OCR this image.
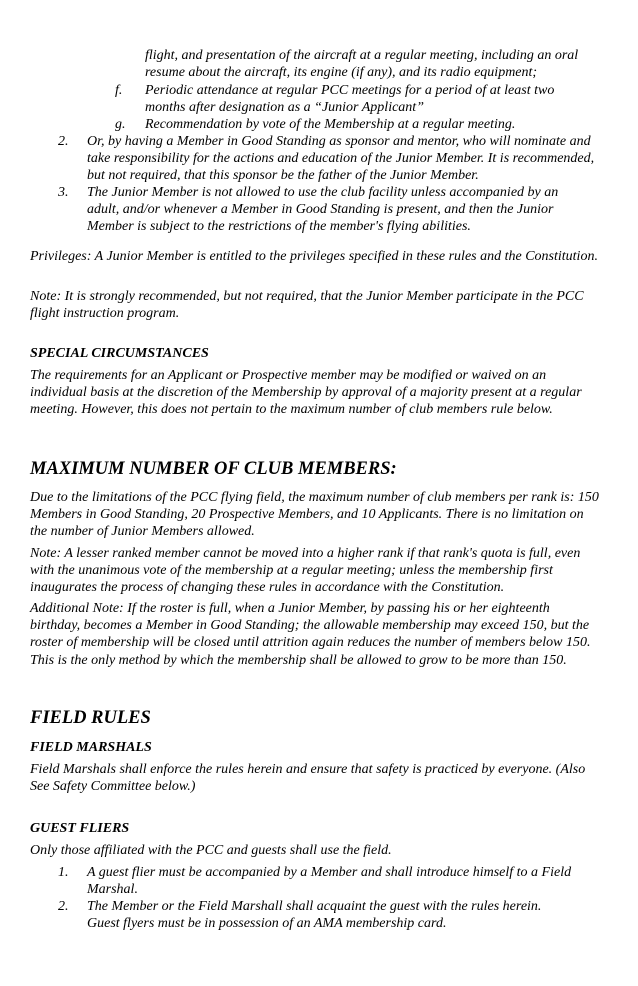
flight, and presentation of the aircraft at a regular meeting, including an oral resume about the aircraft, its engine (if any), and its radio equipment;

f. Periodic attendance at regular PCC meetings for a period of at least two months after designation as a “Junior Applicant”

g. Recommendation by vote of the Membership at a regular meeting.

2. Or, by having a Member in Good Standing as sponsor and mentor, who will nominate and take responsibility for the actions and education of the Junior Member. It is recommended, but not required, that this sponsor be the father of the Junior Member.

3. The Junior Member is not allowed to use the club facility unless accompanied by an adult, and/or whenever a Member in Good Standing is present, and then the Junior Member is subject to the restrictions of the member's flying abilities.

Privileges: A Junior Member is entitled to the privileges specified in these rules and the Constitution.

Note: It is strongly recommended, but not required, that the Junior Member participate in the PCC flight instruction program.

SPECIAL CIRCUMSTANCES

The requirements for an Applicant or Prospective member may be modified or waived on an individual basis at the discretion of the Membership by approval of a majority present at a regular meeting. However, this does not pertain to the maximum number of club members rule below.

MAXIMUM NUMBER OF CLUB MEMBERS:

Due to the limitations of the PCC flying field, the maximum number of club members per rank is: 150 Members in Good Standing, 20 Prospective Members, and 10 Applicants. There is no limitation on the number of Junior Members allowed.

Note: A lesser ranked member cannot be moved into a higher rank if that rank's quota is full, even with the unanimous vote of the membership at a regular meeting; unless the membership first inaugurates the process of changing these rules in accordance with the Constitution.

Additional Note: If the roster is full, when a Junior Member, by passing his or her eighteenth birthday, becomes a Member in Good Standing; the allowable membership may exceed 150, but the roster of membership will be closed until attrition again reduces the number of members below 150. This is the only method by which the membership shall be allowed to grow to be more than 150.

FIELD RULES
FIELD MARSHALS

Field Marshals shall enforce the rules herein and ensure that safety is practiced by everyone. (Also See Safety Committee below.)

GUEST FLIERS

Only those affiliated with the PCC and guests shall use the field.

1. A guest flier must be accompanied by a Member and shall introduce himself to a Field Marshal.

2. The Member or the Field Marshall shall acquaint the guest with the rules herein. Guest flyers must be in possession of an AMA membership card.
